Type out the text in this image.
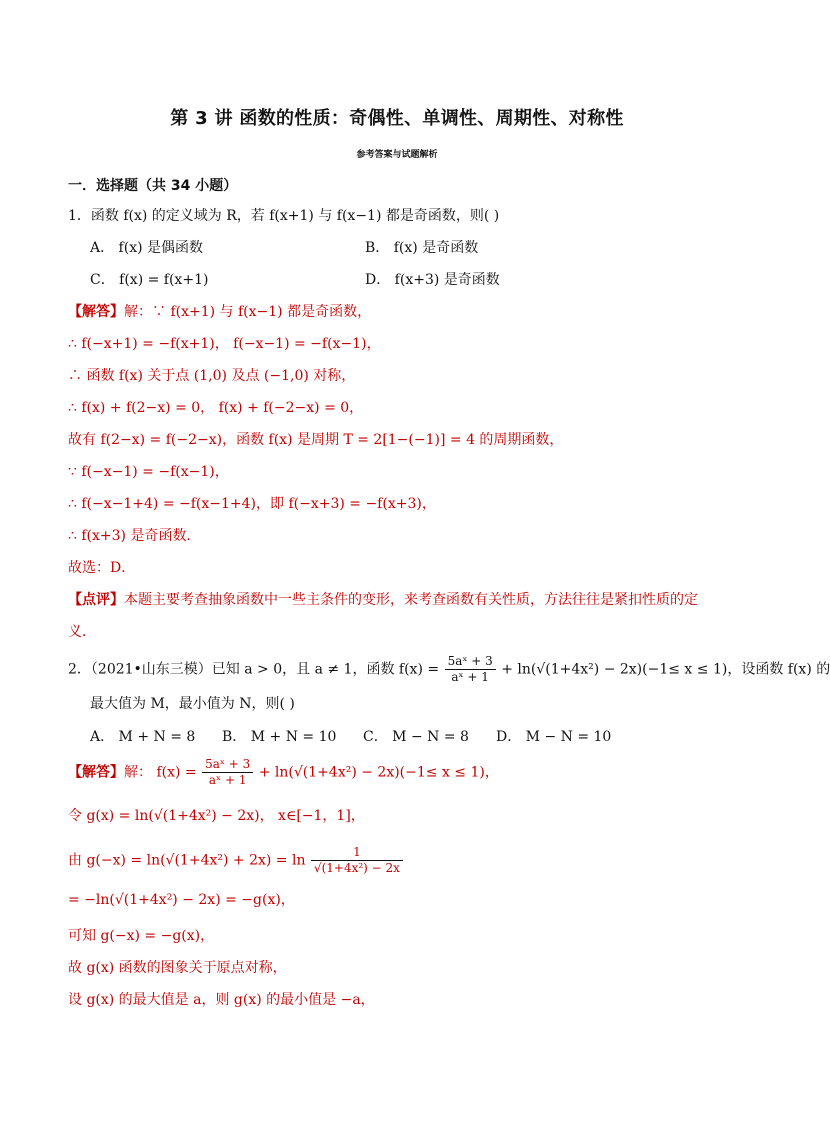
第 3 讲 函数的性质：奇偶性、单调性、周期性、对称性
参考答案与试题解析
一．选择题（共 34 小题）
1．函数 f(x) 的定义域为 R，若 f(x+1) 与 f(x−1) 都是奇函数，则( )
A． f(x) 是偶函数	B． f(x) 是奇函数
C． f(x) = f(x+1)	D． f(x+3) 是奇函数
【解答】解：∵ f(x+1) 与 f(x−1) 都是奇函数，
∴ f(−x+1) = −f(x+1)， f(−x−1) = −f(x−1)，
∴ 函数 f(x) 关于点 (1,0) 及点 (−1,0) 对称，
∴ f(x) + f(2−x) = 0， f(x) + f(−2−x) = 0，
故有 f(2−x) = f(−2−x)，函数 f(x) 是周期 T = 2[1−(−1)] = 4 的周期函数，
∵ f(−x−1) = −f(x−1)，
∴ f(−x−1+4) = −f(x−1+4)，即 f(−x+3) = −f(x+3)，
∴ f(x+3) 是奇函数．
故选：D．
【点评】本题主要考查抽象函数中一些主条件的变形，来考查函数有关性质，方法往往是紧扣性质的定
义．
2．（2021•山东三模）已知 a > 0，且 a ≠ 1，函数 $f(x) = \frac{\text{5aˣ + 3}}{\text{aˣ + 1}} + \ln(√(1+4x^2) - 2x)(-1\le x \le 1)$，设函数 f(x) 的
最大值为 M，最小值为 N，则( )
A． M + N = 8 B． M + N = 10 C． M − N = 8 D． M − N = 10
【解答】解： $f(x) = \frac{\text{5aˣ + 3}}{\text{aˣ + 1}} + \ln(√(1+4x^2) - 2x)(-1\le x \le 1)$，
令 g(x) = ln(√(1+4x²) − 2x)， x∈[−1，1]，
由 $g(-x) = \ln(√(1+4x^2) + 2x) = \ln \frac{1}{\text{√(1+4x²) − 2x}}$
= −ln(√(1+4x²) − 2x) = −g(x)，
可知 g(−x) = −g(x)，
故 g(x) 函数的图象关于原点对称，
设 g(x) 的最大值是 a，则 g(x) 的最小值是 −a，
